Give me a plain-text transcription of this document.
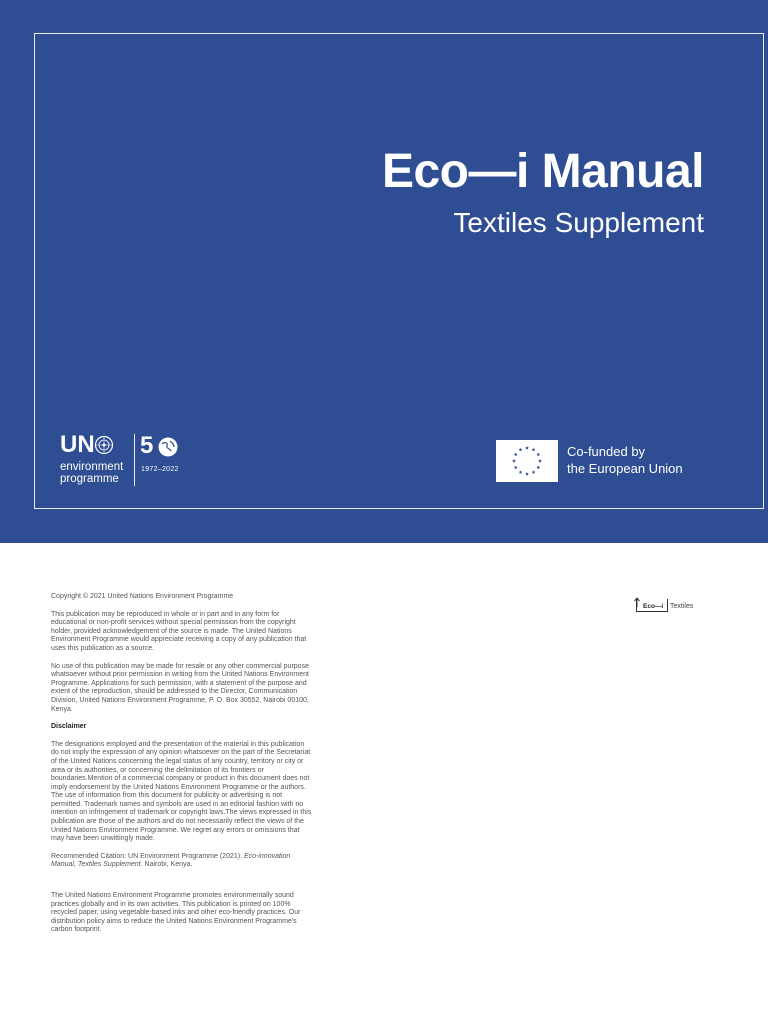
Eco—i Manual
Textiles Supplement
UN
environment
programme
5
1972–2022
Co-funded by
the European Union

Copyright © 2021 United Nations Environment Programme

This publication may be reproduced in whole or in part and in any form for educational or non-profit services without special permission from the copyright holder, provided acknowledgement of the source is made. The United Nations Environment Programme would appreciate receiving a copy of any publication that uses this publication as a source.

No use of this publication may be made for resale or any other commercial purpose whatsoever without prior permission in writing from the United Nations Environment Programme. Applications for such permission, with a statement of the purpose and extent of the reproduction, should be addressed to the Director, Communication Division, United Nations Environment Programme, P. O. Box 30552, Nairobi 00100, Kenya.

Disclaimer

The designations employed and the presentation of the material in this publication do not imply the expression of any opinion whatsoever on the part of the Secretariat of the United Nations concerning the legal status of any country, territory or city or area or its authorities, or concerning the delimitation of its frontiers or boundaries.Mention of a commercial company or product in this document does not imply endorsement by the United Nations Environment Programme or the authors. The use of information from this document for publicity or advertising is not permitted. Trademark names and symbols are used in an editorial fashion with no intention on infringement of trademark or copyright laws.The views expressed in this publication are those of the authors and do not necessarily reflect the views of the United Nations Environment Programme. We regret any errors or omissions that may have been unwittingly made.

Recommended Citation: UN Environment Programme (2021). Eco-innovation Manual, Textiles Supplement. Nairobi, Kenya.

The United Nations Environment Programme promotes environmentally sound practices globally and in its own activities. This publication is printed on 100% recycled paper, using vegetable-based inks and other eco-friendly practices. Our distribution policy aims to reduce the United Nations Environment Programme's carbon footprint.

Eco—i Textiles
